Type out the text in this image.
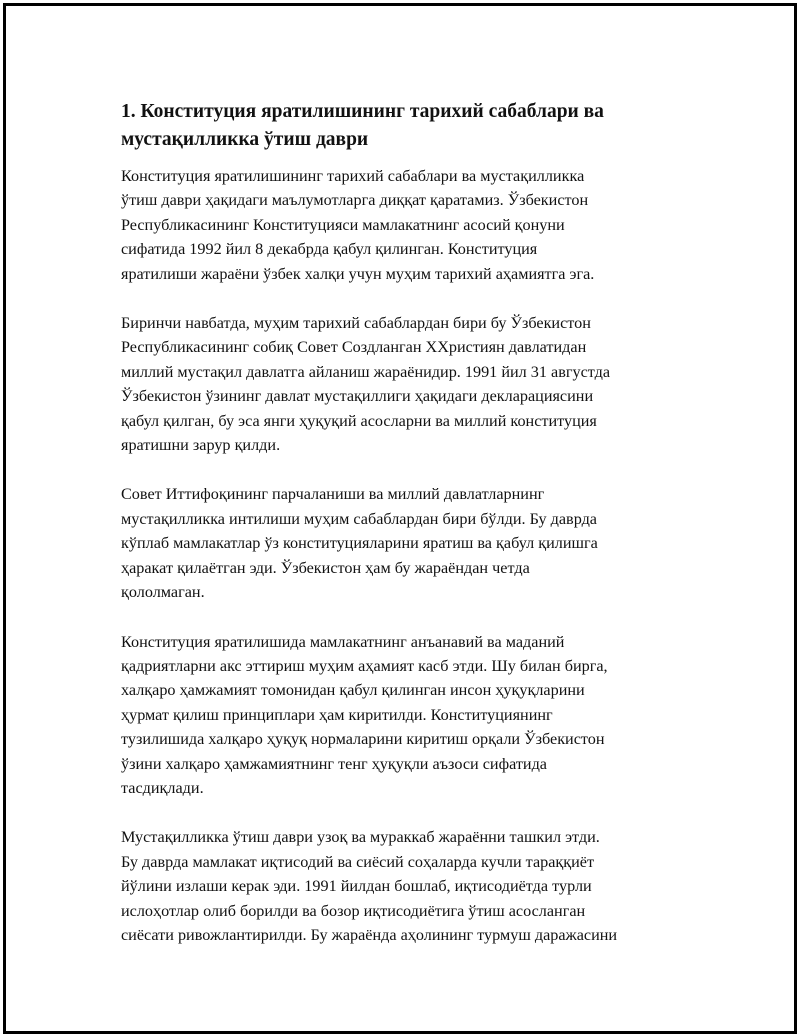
1. Конституция яратилишининг тарихий сабаблари ва
мустақилликка ўтиш даври

Конституция яратилишининг тарихий сабаблари ва мустақилликка
ўтиш даври ҳақидаги маълумотларга диққат қаратамиз. Ўзбекистон
Республикасининг Конституцияси мамлакатнинг асосий қонуни
сифатида 1992 йил 8 декабрда қабул қилинган. Конституция
яратилиши жараёни ўзбек халқи учун муҳим тарихий аҳамиятга эга.

Биринчи навбатда, муҳим тарихий сабаблардан бири бу Ўзбекистон
Республикасининг собиқ Совет Создланган XXристиян давлатидан
миллий мустақил давлатга айланиш жараёнидир. 1991 йил 31 августда
Ўзбекистон ўзининг давлат мустақиллиги ҳақидаги декларациясини
қабул қилган, бу эса янги ҳуқуқий асосларни ва миллий конституция
яратишни зарур қилди.

Совет Иттифоқининг парчаланиши ва миллий давлатларнинг
мустақилликка интилиши муҳим сабаблардан бири бўлди. Бу даврда
кўплаб мамлакатлар ўз конституцияларини яратиш ва қабул қилишга
ҳаракат қилаётган эди. Ўзбекистон ҳам бу жараёндан четда
қололмаган.

Конституция яратилишида мамлакатнинг анъанавий ва маданий
қадриятларни акс эттириш муҳим аҳамият касб этди. Шу билан бирга,
халқаро ҳамжамият томонидан қабул қилинган инсон ҳуқуқларини
ҳурмат қилиш принциплари ҳам киритилди. Конституциянинг
тузилишида халқаро ҳуқуқ нормаларини киритиш орқали Ўзбекистон
ўзини халқаро ҳамжамиятнинг тенг ҳуқуқли аъзоси сифатида
тасдиқлади.

Мустақилликка ўтиш даври узоқ ва мураккаб жараённи ташкил этди.
Бу даврда мамлакат иқтисодий ва сиёсий соҳаларда кучли тараққиёт
йўлини излаши керак эди. 1991 йилдан бошлаб, иқтисодиётда турли
ислоҳотлар олиб борилди ва бозор иқтисодиётига ўтиш асосланган
сиёсати ривожлантирилди. Бу жараёнда аҳолининг турмуш даражасини
